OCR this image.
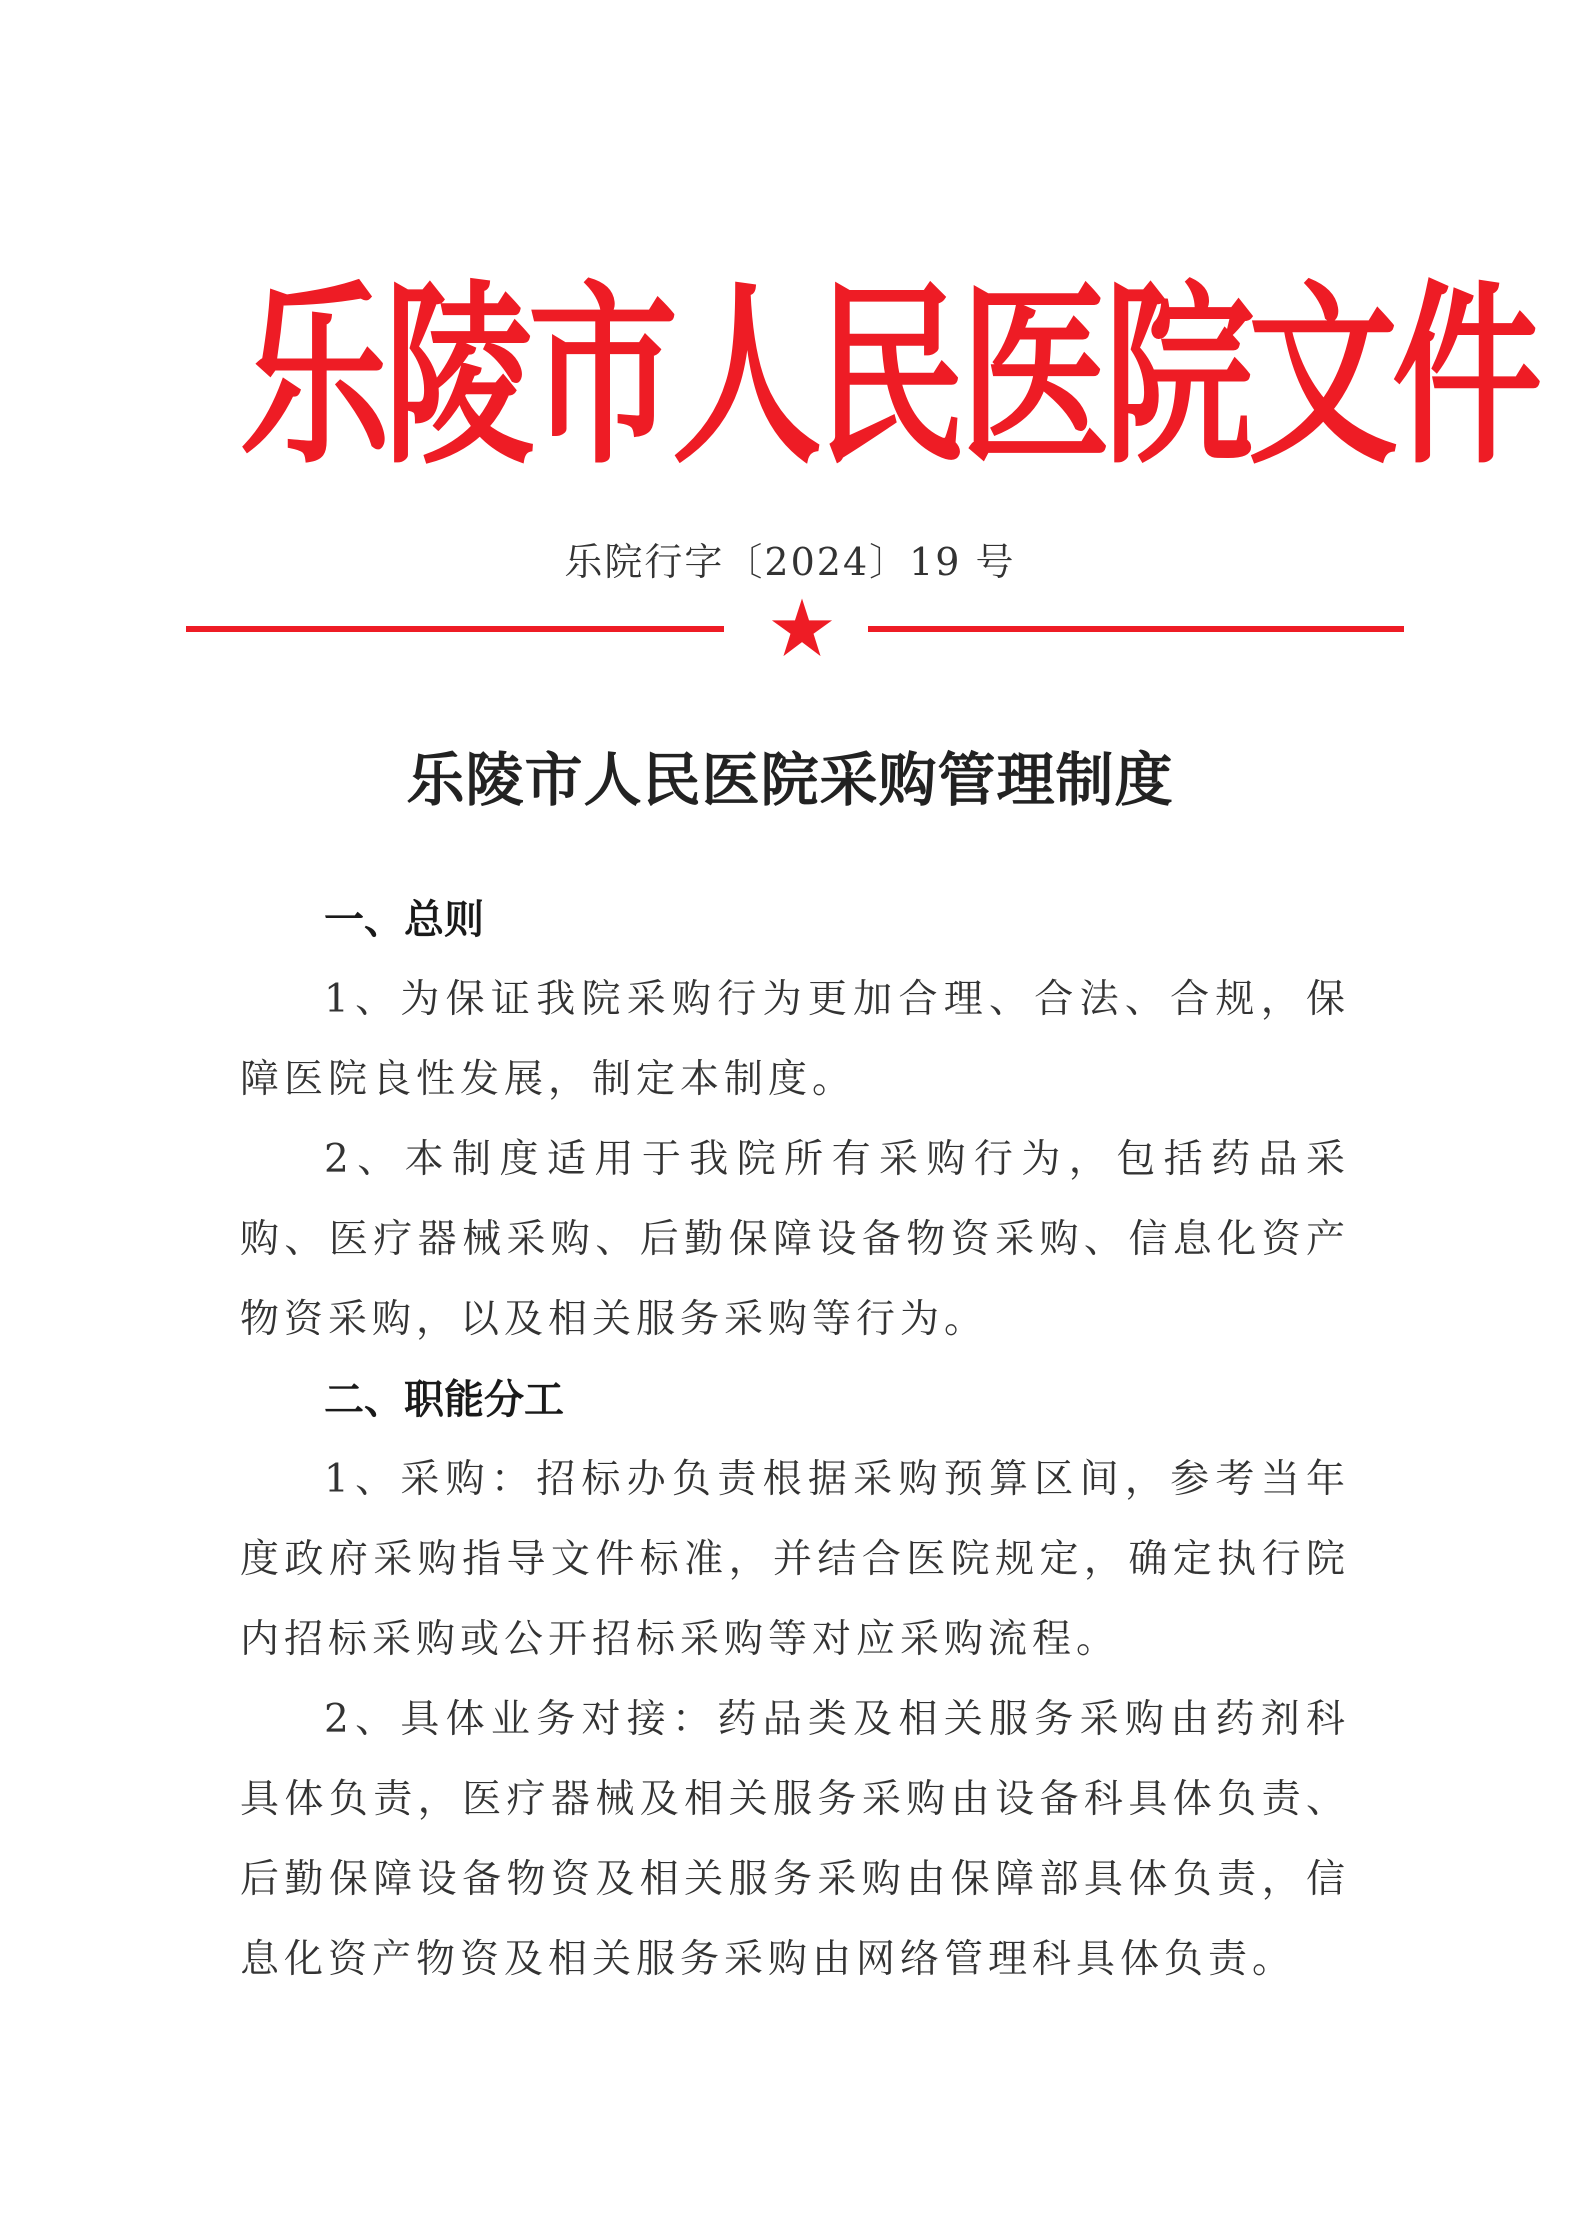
乐陵市人民医院文件
乐院行字〔2024〕19 号
乐陵市人民医院采购管理制度
一、总则

1、为保证我院采购行为更加合理、合法、合规，保障医院良性发展，制定本制度。

2、本制度适用于我院所有采购行为，包括药品采购、医疗器械采购、后勤保障设备物资采购、信息化资产物资采购，以及相关服务采购等行为。

二、职能分工

1、采购：招标办负责根据采购预算区间，参考当年度政府采购指导文件标准，并结合医院规定，确定执行院内招标采购或公开招标采购等对应采购流程。

2、具体业务对接：药品类及相关服务采购由药剂科具体负责，医疗器械及相关服务采购由设备科具体负责、后勤保障设备物资及相关服务采购由保障部具体负责，信息化资产物资及相关服务采购由网络管理科具体负责。
